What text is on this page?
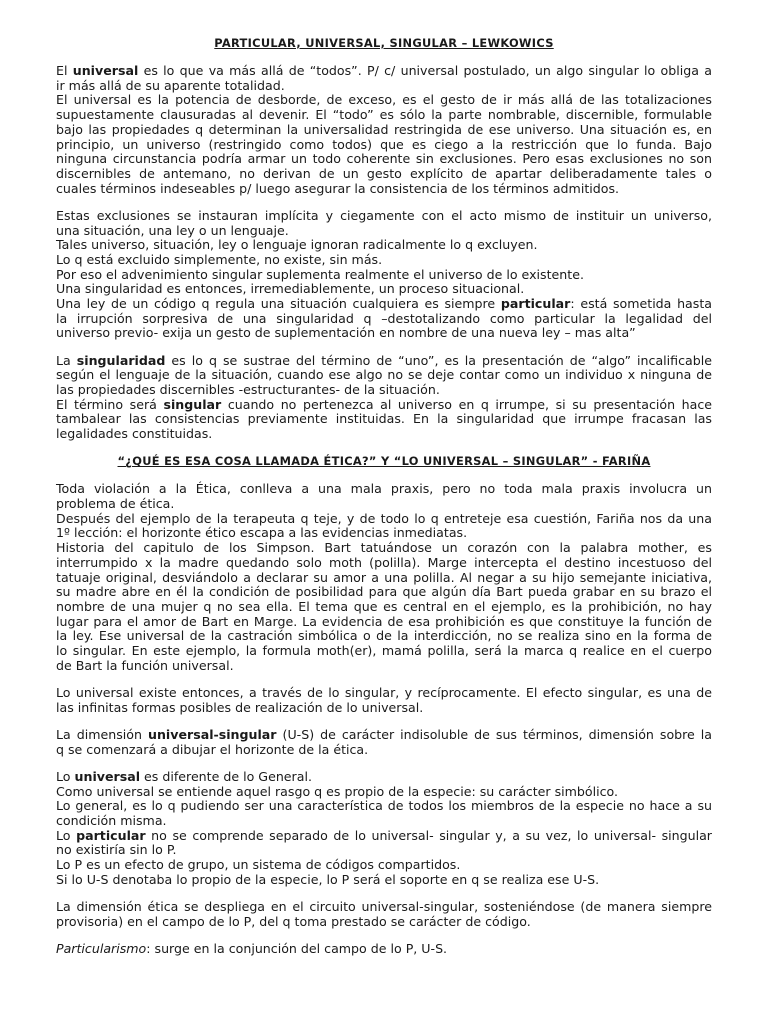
PARTICULAR, UNIVERSAL, SINGULAR – LEWKOWICS
El universal es lo que va más allá de “todos”. P/ c/ universal postulado, un algo singular lo obliga a
ir más allá de su aparente totalidad.
El universal es la potencia de desborde, de exceso, es el gesto de ir más allá de las totalizaciones
supuestamente clausuradas al devenir. El “todo” es sólo la parte nombrable, discernible, formulable
bajo las propiedades q determinan la universalidad restringida de ese universo. Una situación es, en
principio, un universo (restringido como todos) que es ciego a la restricción que lo funda. Bajo
ninguna circunstancia podría armar un todo coherente sin exclusiones. Pero esas exclusiones no son
discernibles de antemano, no derivan de un gesto explícito de apartar deliberadamente tales o
cuales términos indeseables p/ luego asegurar la consistencia de los términos admitidos.
Estas exclusiones se instauran implícita y ciegamente con el acto mismo de instituir un universo,
una situación, una ley o un lenguaje.
Tales universo, situación, ley o lenguaje ignoran radicalmente lo q excluyen.
Lo q está excluido simplemente, no existe, sin más.
Por eso el advenimiento singular suplementa realmente el universo de lo existente.
Una singularidad es entonces, irremediablemente, un proceso situacional.
Una ley de un código q regula una situación cualquiera es siempre particular: está sometida hasta
la irrupción sorpresiva de una singularidad q –destotalizando como particular la legalidad del
universo previo- exija un gesto de suplementación en nombre de una nueva ley – mas alta”
La singularidad es lo q se sustrae del término de “uno”, es la presentación de “algo” incalificable
según el lenguaje de la situación, cuando ese algo no se deje contar como un individuo x ninguna de
las propiedades discernibles -estructurantes- de la situación.
El término será singular cuando no pertenezca al universo en q irrumpe, si su presentación hace
tambalear las consistencias previamente instituidas. En la singularidad que irrumpe fracasan las
legalidades constituidas.
“¿QUÉ ES ESA COSA LLAMADA ÉTICA?” Y “LO UNIVERSAL – SINGULAR” - FARIÑA
Toda violación a la Ética, conlleva a una mala praxis, pero no toda mala praxis involucra un
problema de ética.
Después del ejemplo de la terapeuta q teje, y de todo lo q entreteje esa cuestión, Fariña nos da una
1º lección: el horizonte ético escapa a las evidencias inmediatas.
Historia del capitulo de los Simpson. Bart tatuándose un corazón con la palabra mother, es
interrumpido x la madre quedando solo moth (polilla). Marge intercepta el destino incestuoso del
tatuaje original, desviándolo a declarar su amor a una polilla. Al negar a su hijo semejante iniciativa,
su madre abre en él la condición de posibilidad para que algún día Bart pueda grabar en su brazo el
nombre de una mujer q no sea ella. El tema que es central en el ejemplo, es la prohibición, no hay
lugar para el amor de Bart en Marge. La evidencia de esa prohibición es que constituye la función de
la ley. Ese universal de la castración simbólica o de la interdicción, no se realiza sino en la forma de
lo singular. En este ejemplo, la formula moth(er), mamá polilla, será la marca q realice en el cuerpo
de Bart la función universal.
Lo universal existe entonces, a través de lo singular, y recíprocamente. El efecto singular, es una de
las infinitas formas posibles de realización de lo universal.
La dimensión universal-singular (U-S) de carácter indisoluble de sus términos, dimensión sobre la
q se comenzará a dibujar el horizonte de la ética.
Lo universal es diferente de lo General.
Como universal se entiende aquel rasgo q es propio de la especie: su carácter simbólico.
Lo general, es lo q pudiendo ser una característica de todos los miembros de la especie no hace a su
condición misma.
Lo particular no se comprende separado de lo universal- singular y, a su vez, lo universal- singular
no existiría sin lo P.
Lo P es un efecto de grupo, un sistema de códigos compartidos.
Si lo U-S denotaba lo propio de la especie, lo P será el soporte en q se realiza ese U-S.
La dimensión ética se despliega en el circuito universal-singular, sosteniéndose (de manera siempre
provisoria) en el campo de lo P, del q toma prestado se carácter de código.
Particularismo: surge en la conjunción del campo de lo P, U-S.
